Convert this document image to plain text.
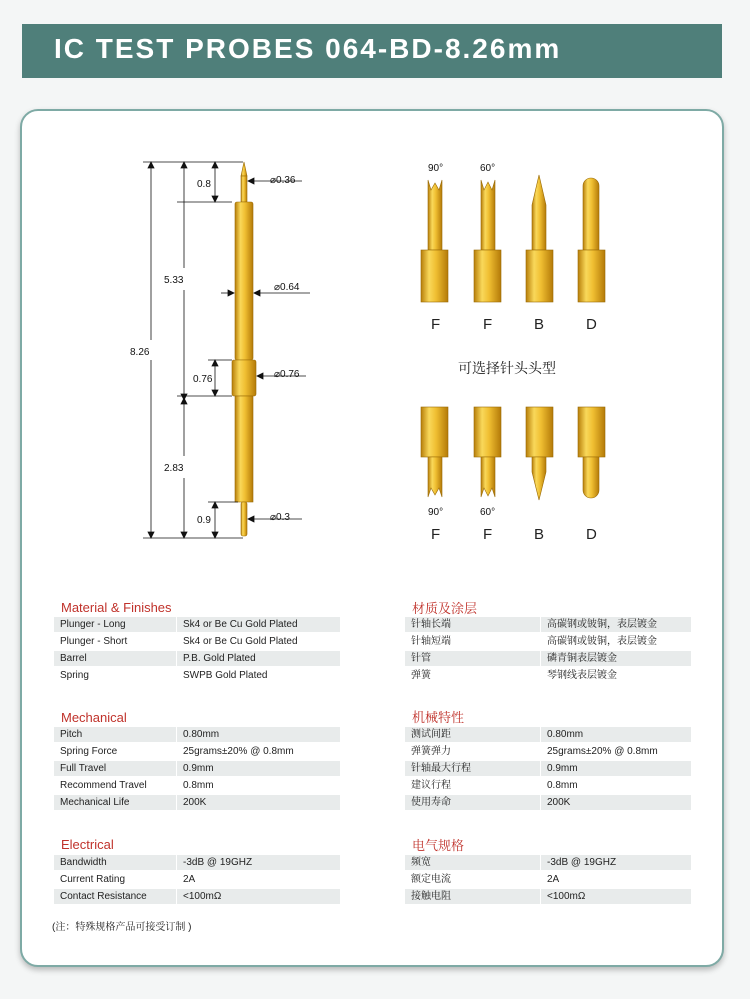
IC TEST PROBES 064-BD-8.26mm
8.26
5.33
2.83
0.8
0.76
0.9
⌀0.36
⌀0.64
⌀0.76
⌀0.3
90°	60°
F	F	B	D
90°	60°
F	F	B	D
可选择针头头型
Material & Finishes
Plunger - Long	Sk4 or Be Cu Gold Plated
Plunger - Short	Sk4 or Be Cu Gold Plated
Barrel	P.B. Gold Plated
Spring	SWPB Gold Plated
材质及涂层
针轴长端	高碳钢或铍铜，表层镀金
针轴短端	高碳钢或铍铜，表层镀金
针管	磷青铜表层镀金
弹簧	琴钢线表层镀金
Mechanical
Pitch	0.80mm
Spring Force	25grams±20% @ 0.8mm
Full Travel	0.9mm
Recommend Travel	0.8mm
Mechanical Life	200K
机械特性
测试间距	0.80mm
弹簧弹力	25grams±20% @ 0.8mm
针轴最大行程	0.9mm
建议行程	0.8mm
使用寿命	200K
Electrical
Bandwidth	-3dB @ 19GHZ
Current Rating	2A
Contact Resistance	<100mΩ
电气规格
频宽	-3dB @ 19GHZ
额定电流	2A
接触电阻	<100mΩ
(注：特殊规格产品可接受订制 )
